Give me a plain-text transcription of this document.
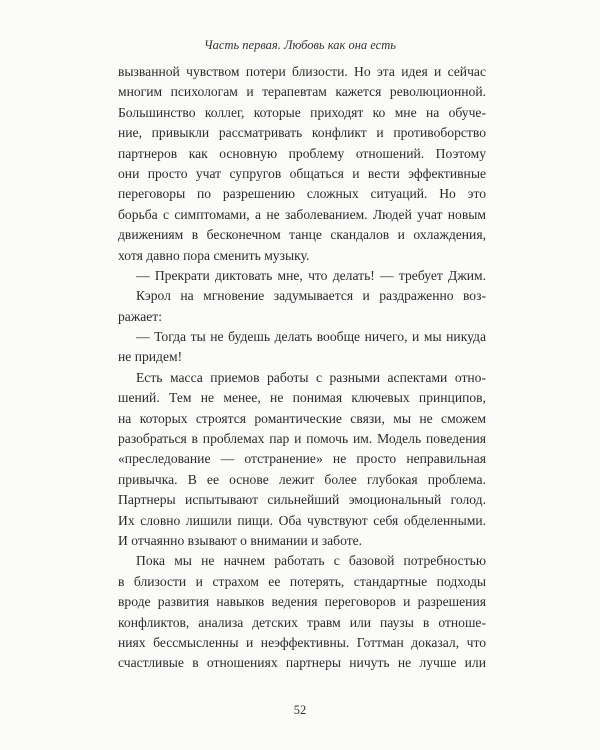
Часть первая. Любовь как она есть
вызванной чувством потери близости. Но эта идея и сейчас
многим психологам и терапевтам кажется революционной.
Большинство коллег, которые приходят ко мне на обуче-
ние, привыкли рассматривать конфликт и противоборство
партнеров как основную проблему отношений. Поэтому
они просто учат супругов общаться и вести эффективные
переговоры по разрешению сложных ситуаций. Но это
борьба с симптомами, а не заболеванием. Людей учат новым
движениям в бесконечном танце скандалов и охлаждения,
хотя давно пора сменить музыку.
— Прекрати диктовать мне, что делать! — требует Джим.
Кэрол на мгновение задумывается и раздраженно воз-
ражает:
— Тогда ты не будешь делать вообще ничего, и мы никуда
не придем!
Есть масса приемов работы с разными аспектами отно-
шений. Тем не менее, не понимая ключевых принципов,
на которых строятся романтические связи, мы не сможем
разобраться в проблемах пар и помочь им. Модель поведения
«преследование — отстранение» не просто неправильная
привычка. В ее основе лежит более глубокая проблема.
Партнеры испытывают сильнейший эмоциональный голод.
Их словно лишили пищи. Оба чувствуют себя обделенными.
И отчаянно взывают о внимании и заботе.
Пока мы не начнем работать с базовой потребностью
в близости и страхом ее потерять, стандартные подходы
вроде развития навыков ведения переговоров и разрешения
конфликтов, анализа детских травм или паузы в отноше-
ниях бессмысленны и неэффективны. Готтман доказал, что
счастливые в отношениях партнеры ничуть не лучше или
52
